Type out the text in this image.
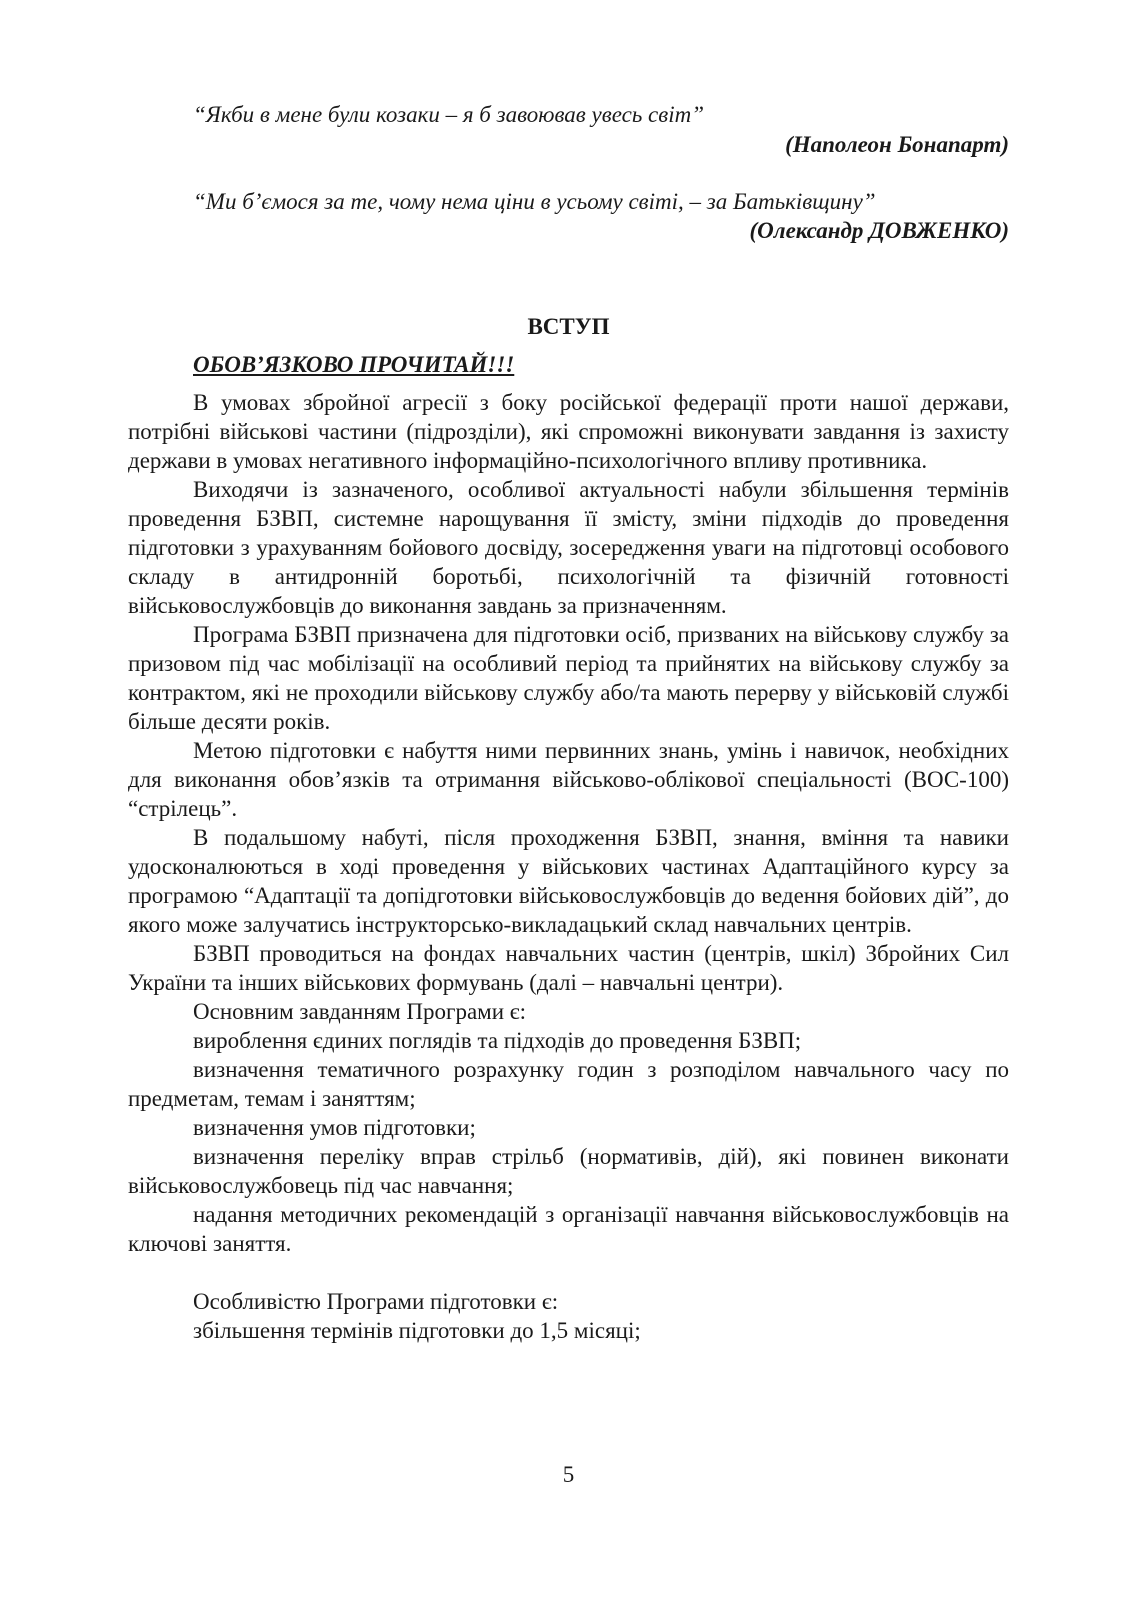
“Якби в мене були козаки – я б завоював увесь світ”
(Наполеон Бонапарт)
“Ми б’ємося за те, чому нема ціни в усьому світі, – за Батьківщину”
(Олександр ДОВЖЕНКО)
ВСТУП
ОБОВ’ЯЗКОВО ПРОЧИТАЙ!!!

В умовах збройної агресії з боку російської федерації проти нашої держави, потрібні військові частини (підрозділи), які спроможні виконувати завдання із захисту держави в умовах негативного інформаційно-психологічного впливу противника.

Виходячи із зазначеного, особливої актуальності набули збільшення термінів проведення БЗВП, системне нарощування її змісту, зміни підходів до проведення підготовки з урахуванням бойового досвіду, зосередження уваги на підготовці особового складу в антидронній боротьбі, психологічній та фізичній готовності військовослужбовців до виконання завдань за призначенням.

Програма БЗВП призначена для підготовки осіб, призваних на військову службу за призовом під час мобілізації на особливий період та прийнятих на військову службу за контрактом, які не проходили військову службу або/та мають перерву у військовій службі більше десяти років.

Метою підготовки є набуття ними первинних знань, умінь і навичок, необхідних для виконання обов’язків та отримання військово-облікової спеціальності (ВОС-100) “стрілець”.

В подальшому набуті, після проходження БЗВП, знання, вміння та навики удосконалюються в ході проведення у військових частинах Адаптаційного курсу за програмою “Адаптації та допідготовки військовослужбовців до ведення бойових дій”, до якого може залучатись інструкторсько-викладацький склад навчальних центрів.

БЗВП проводиться на фондах навчальних частин (центрів, шкіл) Збройних Сил України та інших військових формувань (далі – навчальні центри).

Основним завданням Програми є:

вироблення єдиних поглядів та підходів до проведення БЗВП;

визначення тематичного розрахунку годин з розподілом навчального часу по предметам, темам і заняттям;

визначення умов підготовки;

визначення переліку вправ стрільб (нормативів, дій), які повинен виконати військовослужбовець під час навчання;

надання методичних рекомендацій з організації навчання військовослужбовців на ключові заняття.

Особливістю Програми підготовки є:

збільшення термінів підготовки до 1,5 місяці;

5
